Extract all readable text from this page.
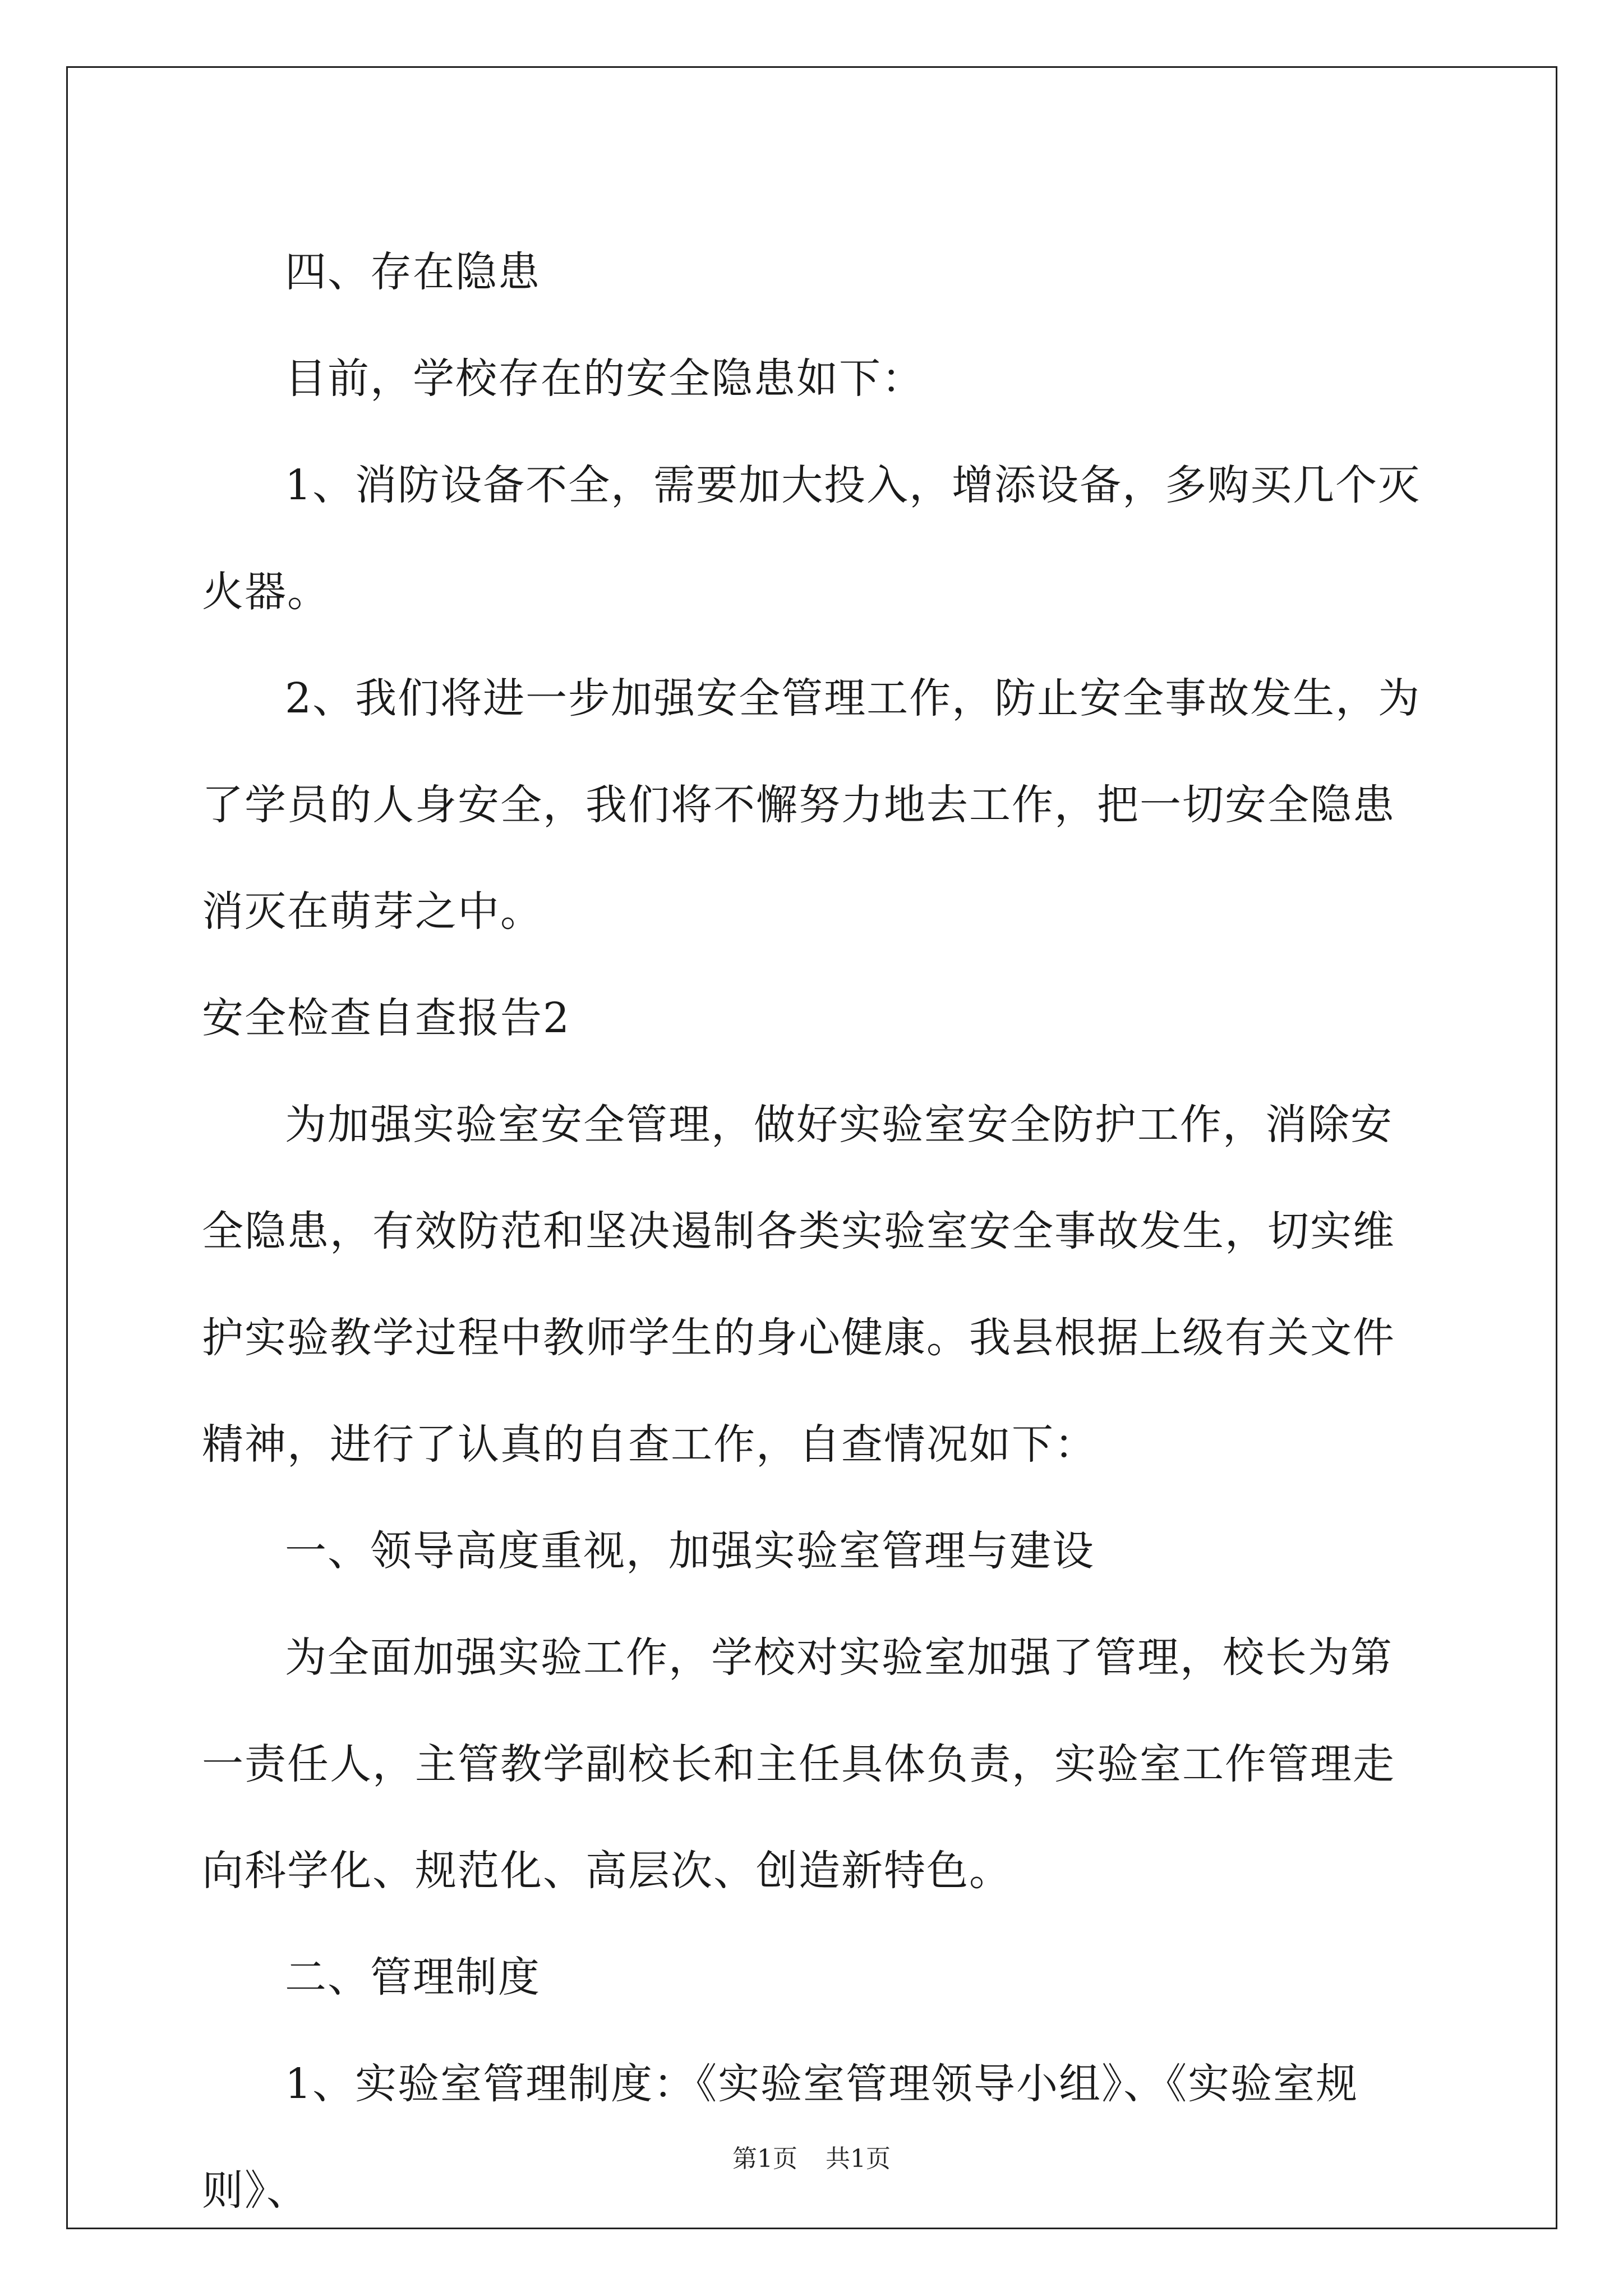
四、存在隐患

目前，学校存在的安全隐患如下：

1、消防设备不全，需要加大投入，增添设备，多购买几个灭火器。

2、我们将进一步加强安全管理工作，防止安全事故发生，为了学员的人身安全，我们将不懈努力地去工作，把一切安全隐患消灭在萌芽之中。

安全检查自查报告2

为加强实验室安全管理，做好实验室安全防护工作，消除安全隐患，有效防范和坚决遏制各类实验室安全事故发生，切实维护实验教学过程中教师学生的身心健康。我县根据上级有关文件精神，进行了认真的自查工作，自查情况如下：

一、领导高度重视，加强实验室管理与建设

为全面加强实验工作，学校对实验室加强了管理，校长为第一责任人，主管教学副校长和主任具体负责，实验室工作管理走向科学化、规范化、高层次、创造新特色。

二、管理制度

1、实验室管理制度：《实验室管理领导小组》、《实验室规则》、

第1页 共1页
